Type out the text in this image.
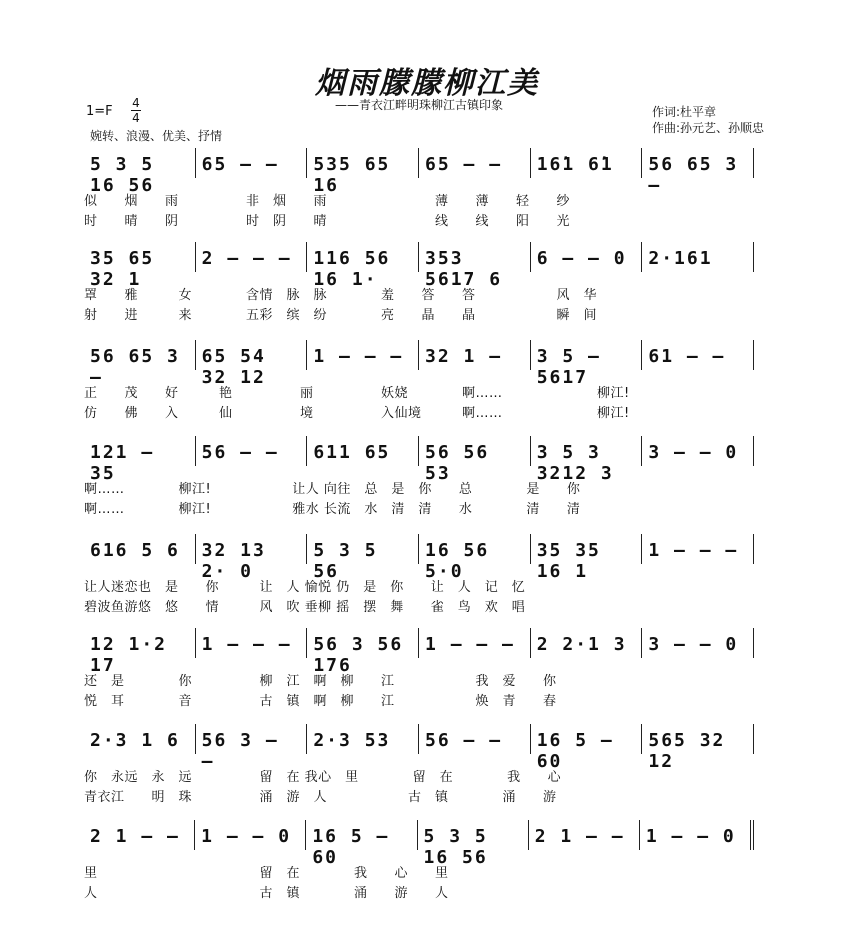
烟雨朦朦柳江美
——青衣江畔明珠柳江古镇印象
1=F
4
4
婉转、浪漫、优美、抒情
作词:杜平章
作曲:孙元艺、孙顺忠
5 3 5 16 56
65 — —	535 65 16
65 — —	16̇1 6̇1	56 65 3 —
似　　烟　　雨　　　　　非　烟　　雨　　　　　　　　薄　　薄　　轻　　纱
时　　晴　　阴　　　　　时　阴　　晴　　　　　　　　线　　线　　阳　　光
35 65 32 1
2 — — —	116 56 16 1·
353 5617 6
6 — — 0	2·161
罩　　雅　　　女　　　　含情　脉　脉　　　　羞　　答　　答　　　　　　风　华
射　　进　　　来　　　　五彩　缤　纷　　　　亮　　晶　　晶　　　　　　瞬　间
56 65 3 —
65 54 32 12
1 — — —	32 1 —	3 5 — 5617
61 — —
正　　茂　　好　　　艳　　　　　丽　　　　　妖娆　　　　啊……　　　　　　　柳江!
仿　　佛　　入　　　仙　　　　　境　　　　　入仙境　　　啊……　　　　　　　柳江!
121 — 35
56 — —	611 65	56 56 53
3 5 3 3212 3
3 — — 0
啊……　　　　柳江!　　　　　　让人 向往　总　是　你　　总　　　　是　　你
啊……　　　　柳江!　　　　　　雅水 长流　水　清　清　　水　　　　清　　清
616 5 6	32 13 2· 0
5 3 5 56
16 56 5·0
35 35 16 1
1 — — —
让人迷恋也　是　　你　　　让　人 愉悦 仍　是　你　　让　人　记　忆
碧波鱼游悠　悠　　情　　　风　吹 垂柳 摇　摆　舞　　雀　鸟　欢　唱
12 1·2 17
1 — — —	56 3 56 176
1 — — —	2 2·1 3	3 — — 0
还　是　　　　你　　　　　柳　江　啊　柳　　江　　　　　　我　爱　　你
悦　耳　　　　音　　　　　古　镇　啊　柳　　江　　　　　　焕　青　　春
2·3 1 6	56 3 — —
2·3 53	56 — —	16 5 — 60
565 32 12
你　永远　永　远　　　　　留　在 我心　里　　　　留　在　　　　我　　心
青衣江　　明　珠　　　　　涌　游　人　　　　　　古　镇　　　　涌　　游
2 1 — —	1 — — 0	16 5 — 60
5 3 5 16 56
2 1 — —	1 — — 0
里　　　　　　　　　　　　留　在　　　　我　　心　　里
人　　　　　　　　　　　　古　镇　　　　涌　　游　　人
